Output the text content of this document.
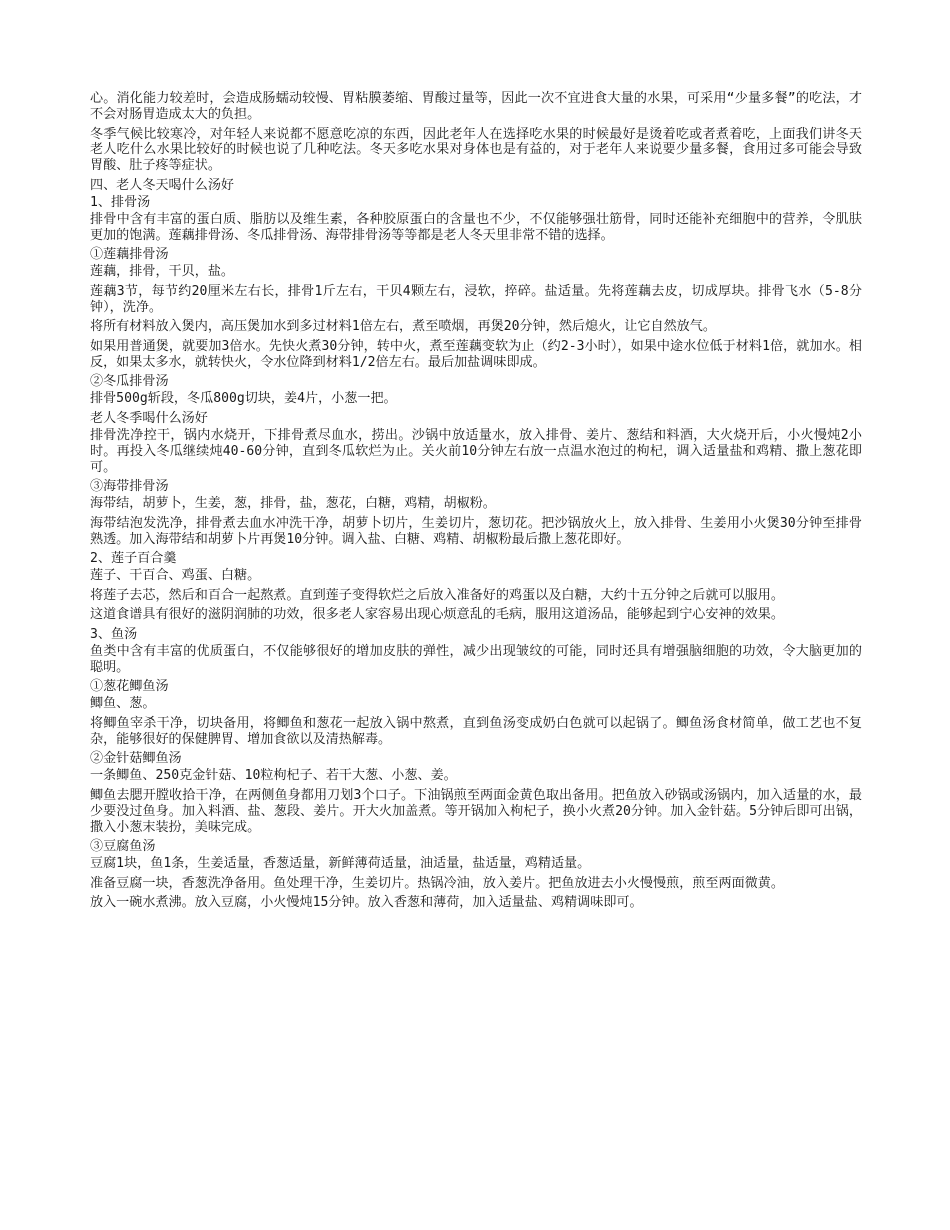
心。消化能力较差时，会造成肠蠕动较慢、胃粘膜萎缩、胃酸过量等，因此一次不宜进食大量的水果，可采用“少量多餐”的吃法，才不会对肠胃造成太大的负担。

冬季气候比较寒冷，对年轻人来说都不愿意吃凉的东西，因此老年人在选择吃水果的时候最好是烫着吃或者煮着吃，上面我们讲冬天老人吃什么水果比较好的时候也说了几种吃法。冬天多吃水果对身体也是有益的，对于老年人来说要少量多餐，食用过多可能会导致胃酸、肚子疼等症状。

四、老人冬天喝什么汤好

1、排骨汤

排骨中含有丰富的蛋白质、脂肪以及维生素，各种胶原蛋白的含量也不少，不仅能够强壮筋骨，同时还能补充细胞中的营养，令肌肤更加的饱满。莲藕排骨汤、冬瓜排骨汤、海带排骨汤等等都是老人冬天里非常不错的选择。

①莲藕排骨汤

莲藕，排骨，干贝，盐。

莲藕3节，每节约20厘米左右长，排骨1斤左右，干贝4颗左右，浸软，捽碎。盐适量。先将莲藕去皮，切成厚块。排骨飞水（5-8分钟），洗净。

将所有材料放入煲内，高压煲加水到多过材料1倍左右，煮至喷烟，再煲20分钟，然后熄火，让它自然放气。

如果用普通煲，就要加3倍水。先快火煮30分钟，转中火，煮至莲藕变软为止（约2-3小时），如果中途水位低于材料1倍，就加水。相反，如果太多水，就转快火，令水位降到材料1/2倍左右。最后加盐调味即成。

②冬瓜排骨汤

排骨500g斩段，冬瓜800g切块，姜4片，小葱一把。

老人冬季喝什么汤好

排骨洗净控干，锅内水烧开，下排骨煮尽血水，捞出。沙锅中放适量水，放入排骨、姜片、葱结和料酒，大火烧开后，小火慢炖2小时。再投入冬瓜继续炖40-60分钟，直到冬瓜软烂为止。关火前10分钟左右放一点温水泡过的枸杞，调入适量盐和鸡精、撒上葱花即可。

③海带排骨汤

海带结，胡萝卜，生姜，葱，排骨，盐，葱花，白糖，鸡精，胡椒粉。

海带结泡发洗净，排骨煮去血水冲洗干净，胡萝卜切片，生姜切片，葱切花。把沙锅放火上，放入排骨、生姜用小火煲30分钟至排骨熟透。加入海带结和胡萝卜片再煲10分钟。调入盐、白糖、鸡精、胡椒粉最后撒上葱花即好。

2、莲子百合羹

莲子、干百合、鸡蛋、白糖。

将莲子去芯，然后和百合一起熬煮。直到莲子变得软烂之后放入准备好的鸡蛋以及白糖，大约十五分钟之后就可以服用。

这道食谱具有很好的滋阴润肺的功效，很多老人家容易出现心烦意乱的毛病，服用这道汤品，能够起到宁心安神的效果。

3、鱼汤

鱼类中含有丰富的优质蛋白，不仅能够很好的增加皮肤的弹性，减少出现皱纹的可能，同时还具有增强脑细胞的功效，令大脑更加的聪明。

①葱花鲫鱼汤

鲫鱼、葱。

将鲫鱼宰杀干净，切块备用，将鲫鱼和葱花一起放入锅中熬煮，直到鱼汤变成奶白色就可以起锅了。鲫鱼汤食材简单，做工艺也不复杂，能够很好的保健脾胃、增加食欲以及清热解毒。

②金针菇鲫鱼汤

一条鲫鱼、250克金针菇、10粒枸杞子、若干大葱、小葱、姜。

鲫鱼去腮开膛收拾干净，在两侧鱼身都用刀划3个口子。下油锅煎至两面金黄色取出备用。把鱼放入砂锅或汤锅内，加入适量的水，最少要没过鱼身。加入料酒、盐、葱段、姜片。开大火加盖煮。等开锅加入枸杞子，换小火煮20分钟。加入金针菇。5分钟后即可出锅，撒入小葱末装扮，美味完成。

③豆腐鱼汤

豆腐1块，鱼1条，生姜适量，香葱适量，新鲜薄荷适量，油适量，盐适量，鸡精适量。

准备豆腐一块，香葱洗净备用。鱼处理干净，生姜切片。热锅冷油，放入姜片。把鱼放进去小火慢慢煎，煎至两面微黄。

放入一碗水煮沸。放入豆腐，小火慢炖15分钟。放入香葱和薄荷，加入适量盐、鸡精调味即可。
